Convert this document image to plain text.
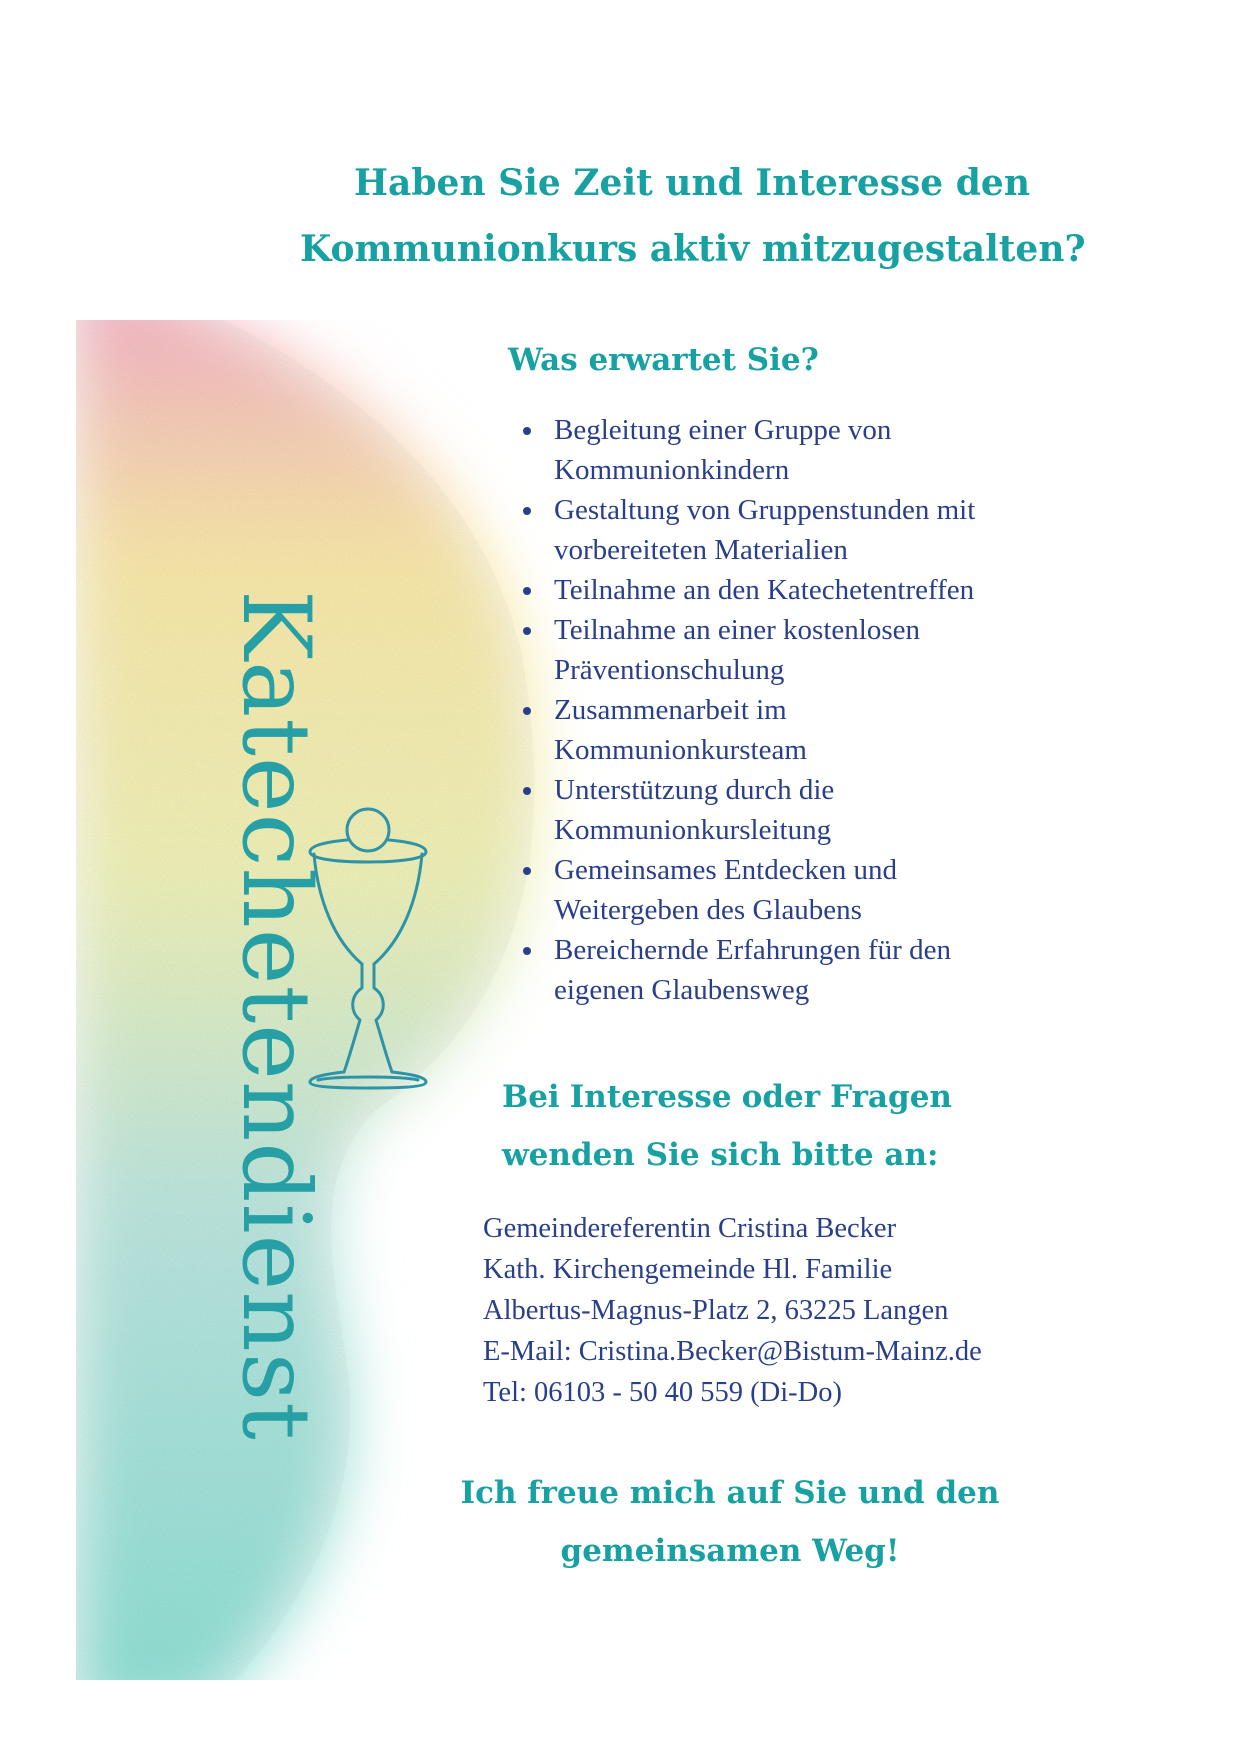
Katechetendienst
Haben Sie Zeit und Interesse den
Kommunionkurs aktiv mitzugestalten?
Was erwartet Sie?
Begleitung einer Gruppe von
Kommunionkindern
Gestaltung von Gruppenstunden mit
vorbereiteten Materialien
Teilnahme an den Katechetentreffen
Teilnahme an einer kostenlosen
Präventionschulung
Zusammenarbeit im
Kommunionkursteam
Unterstützung durch die
Kommunionkursleitung
Gemeinsames Entdecken und
Weitergeben des Glaubens
Bereichernde Erfahrungen für den
eigenen Glaubensweg
Bei Interesse oder Fragen
wenden Sie sich bitte an:
Gemeindereferentin Cristina Becker
Kath. Kirchengemeinde Hl. Familie
Albertus-Magnus-Platz 2, 63225 Langen
E-Mail: Cristina.Becker@Bistum-Mainz.de
Tel: 06103 - 50 40 559 (Di-Do)
Ich freue mich auf Sie und den
gemeinsamen Weg!
